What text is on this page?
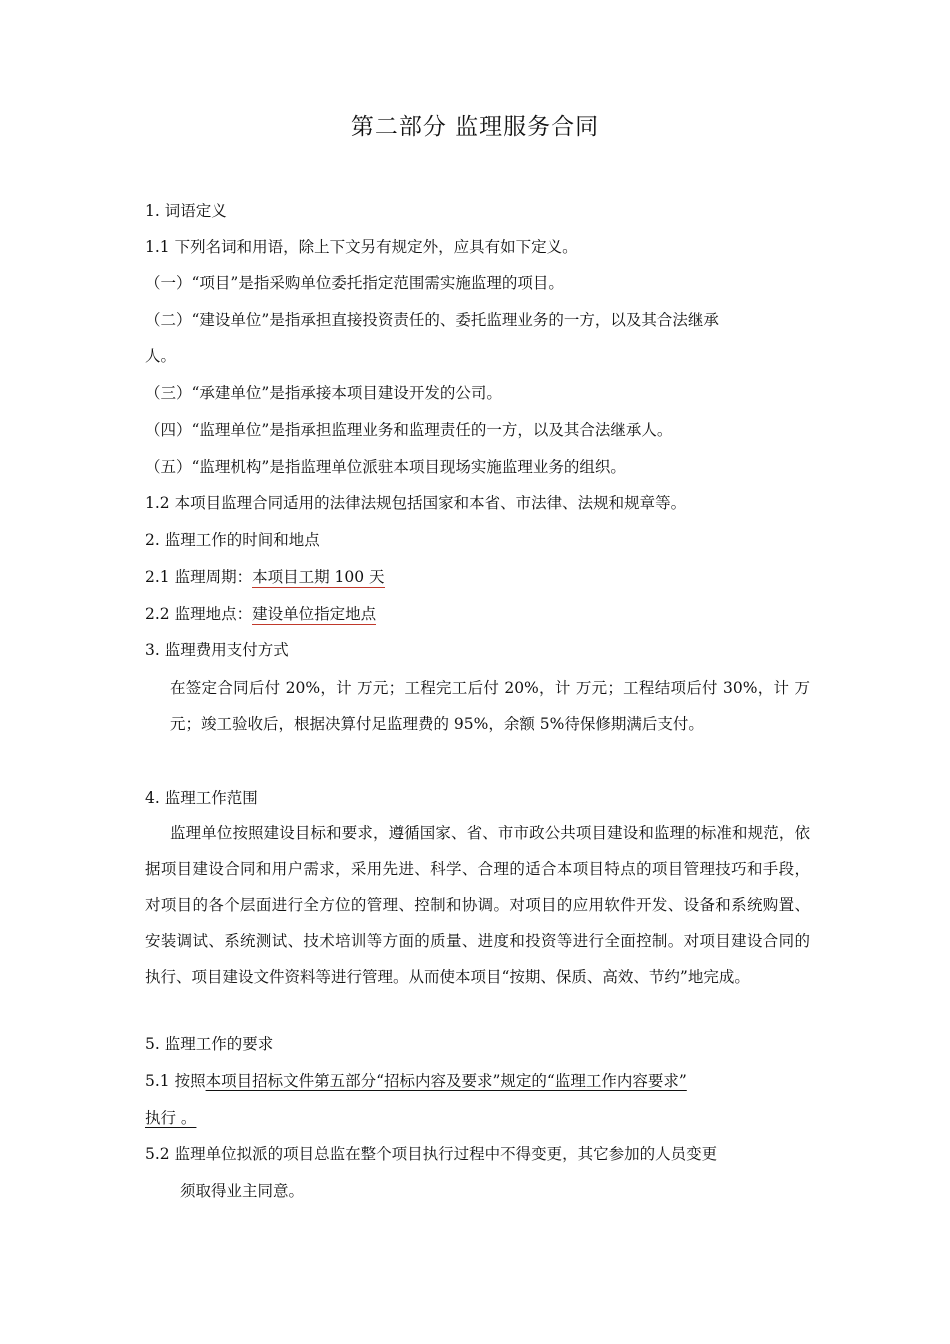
第二部分 监理服务合同
1. 词语定义
1.1 下列名词和用语，除上下文另有规定外，应具有如下定义。
（一）“项目”是指采购单位委托指定范围需实施监理的项目。
（二）“建设单位”是指承担直接投资责任的、委托监理业务的一方，以及其合法继承
人。
（三）“承建单位”是指承接本项目建设开发的公司。
（四）“监理单位”是指承担监理业务和监理责任的一方，以及其合法继承人。
（五）“监理机构”是指监理单位派驻本项目现场实施监理业务的组织。
1.2 本项目监理合同适用的法律法规包括国家和本省、市法律、法规和规章等。
2. 监理工作的时间和地点
2.1 监理周期：本项目工期 100 天
2.2 监理地点：建设单位指定地点
3. 监理费用支付方式
在签定合同后付 20%，计 万元；工程完工后付 20%，计 万元；工程结项后付 30%，计 万元；竣工验收后，根据决算付足监理费的 95%，余额 5%待保修期满后支付。
4. 监理工作范围
监理单位按照建设目标和要求，遵循国家、省、市市政公共项目建设和监理的标准和规范，依据项目建设合同和用户需求，采用先进、科学、合理的适合本项目特点的项目管理技巧和手段，对项目的各个层面进行全方位的管理、控制和协调。对项目的应用软件开发、设备和系统购置、安装调试、系统测试、技术培训等方面的质量、进度和投资等进行全面控制。对项目建设合同的执行、项目建设文件资料等进行管理。从而使本项目“按期、保质、高效、节约”地完成。
5. 监理工作的要求
5.1 按照本项目招标文件第五部分“招标内容及要求”规定的“监理工作内容要求”
执行 。
5.2 监理单位拟派的项目总监在整个项目执行过程中不得变更，其它参加的人员变更
须取得业主同意。
